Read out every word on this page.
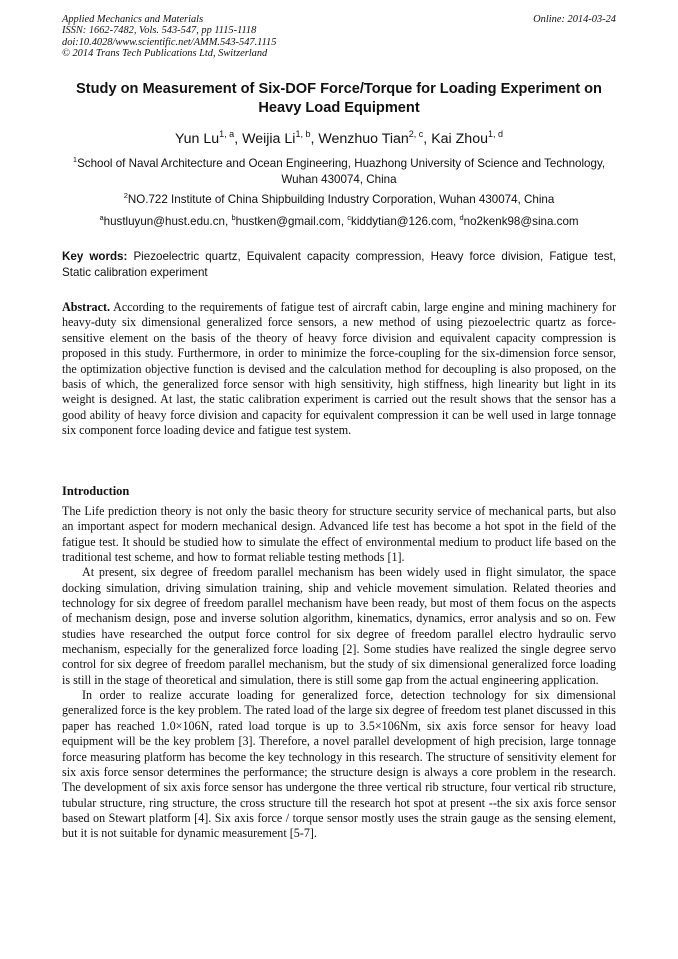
Applied Mechanics and Materials
ISSN: 1662-7482, Vols. 543-547, pp 1115-1118
doi:10.4028/www.scientific.net/AMM.543-547.1115
© 2014 Trans Tech Publications Ltd, Switzerland
Online: 2014-03-24
Study on Measurement of Six-DOF Force/Torque for Loading Experiment on Heavy Load Equipment
Yun Lu$^{1, a}$, Weijia Li$^{1, b}$, Wenzhuo Tian$^{2, c}$, Kai Zhou$^{1, d}$
$^1$School of Naval Architecture and Ocean Engineering, Huazhong University of Science and Technology, Wuhan 430074, China
$^2$NO.722 Institute of China Shipbuilding Industry Corporation, Wuhan 430074, China
$^a$hustluyun@hust.edu.cn, $^b$hustken@gmail.com, $^c$kiddytian@126.com, $^d$no2kenk98@sina.com
Key words: Piezoelectric quartz, Equivalent capacity compression, Heavy force division, Fatigue test, Static calibration experiment
Abstract. According to the requirements of fatigue test of aircraft cabin, large engine and mining machinery for heavy-duty six dimensional generalized force sensors, a new method of using piezoelectric quartz as force-sensitive element on the basis of the theory of heavy force division and equivalent capacity compression is proposed in this study. Furthermore, in order to minimize the force-coupling for the six-dimension force sensor, the optimization objective function is devised and the calculation method for decoupling is also proposed, on the basis of which, the generalized force sensor with high sensitivity, high stiffness, high linearity but light in its weight is designed. At last, the static calibration experiment is carried out the result shows that the sensor has a good ability of heavy force division and capacity for equivalent compression it can be well used in large tonnage six component force loading device and fatigue test system.
Introduction

The Life prediction theory is not only the basic theory for structure security service of mechanical parts, but also an important aspect for modern mechanical design. Advanced life test has become a hot spot in the field of the fatigue test. It should be studied how to simulate the effect of environmental medium to product life based on the traditional test scheme, and how to format reliable testing methods [1].

At present, six degree of freedom parallel mechanism has been widely used in flight simulator, the space docking simulation, driving simulation training, ship and vehicle movement simulation. Related theories and technology for six degree of freedom parallel mechanism have been ready, but most of them focus on the aspects of mechanism design, pose and inverse solution algorithm, kinematics, dynamics, error analysis and so on. Few studies have researched the output force control for six degree of freedom parallel electro hydraulic servo mechanism, especially for the generalized force loading [2]. Some studies have realized the single degree servo control for six degree of freedom parallel mechanism, but the study of six dimensional generalized force loading is still in the stage of theoretical and simulation, there is still some gap from the actual engineering application.

In order to realize accurate loading for generalized force, detection technology for six dimensional generalized force is the key problem. The rated load of the large six degree of freedom test planet discussed in this paper has reached 1.0×106N, rated load torque is up to 3.5×106Nm, six axis force sensor for heavy load equipment will be the key problem [3]. Therefore, a novel parallel development of high precision, large tonnage force measuring platform has become the key technology in this research. The structure of sensitivity element for six axis force sensor determines the performance; the structure design is always a core problem in the research. The development of six axis force sensor has undergone the three vertical rib structure, four vertical rib structure, tubular structure, ring structure, the cross structure till the research hot spot at present --the six axis force sensor based on Stewart platform [4]. Six axis force / torque sensor mostly uses the strain gauge as the sensing element, but it is not suitable for dynamic measurement [5-7].
